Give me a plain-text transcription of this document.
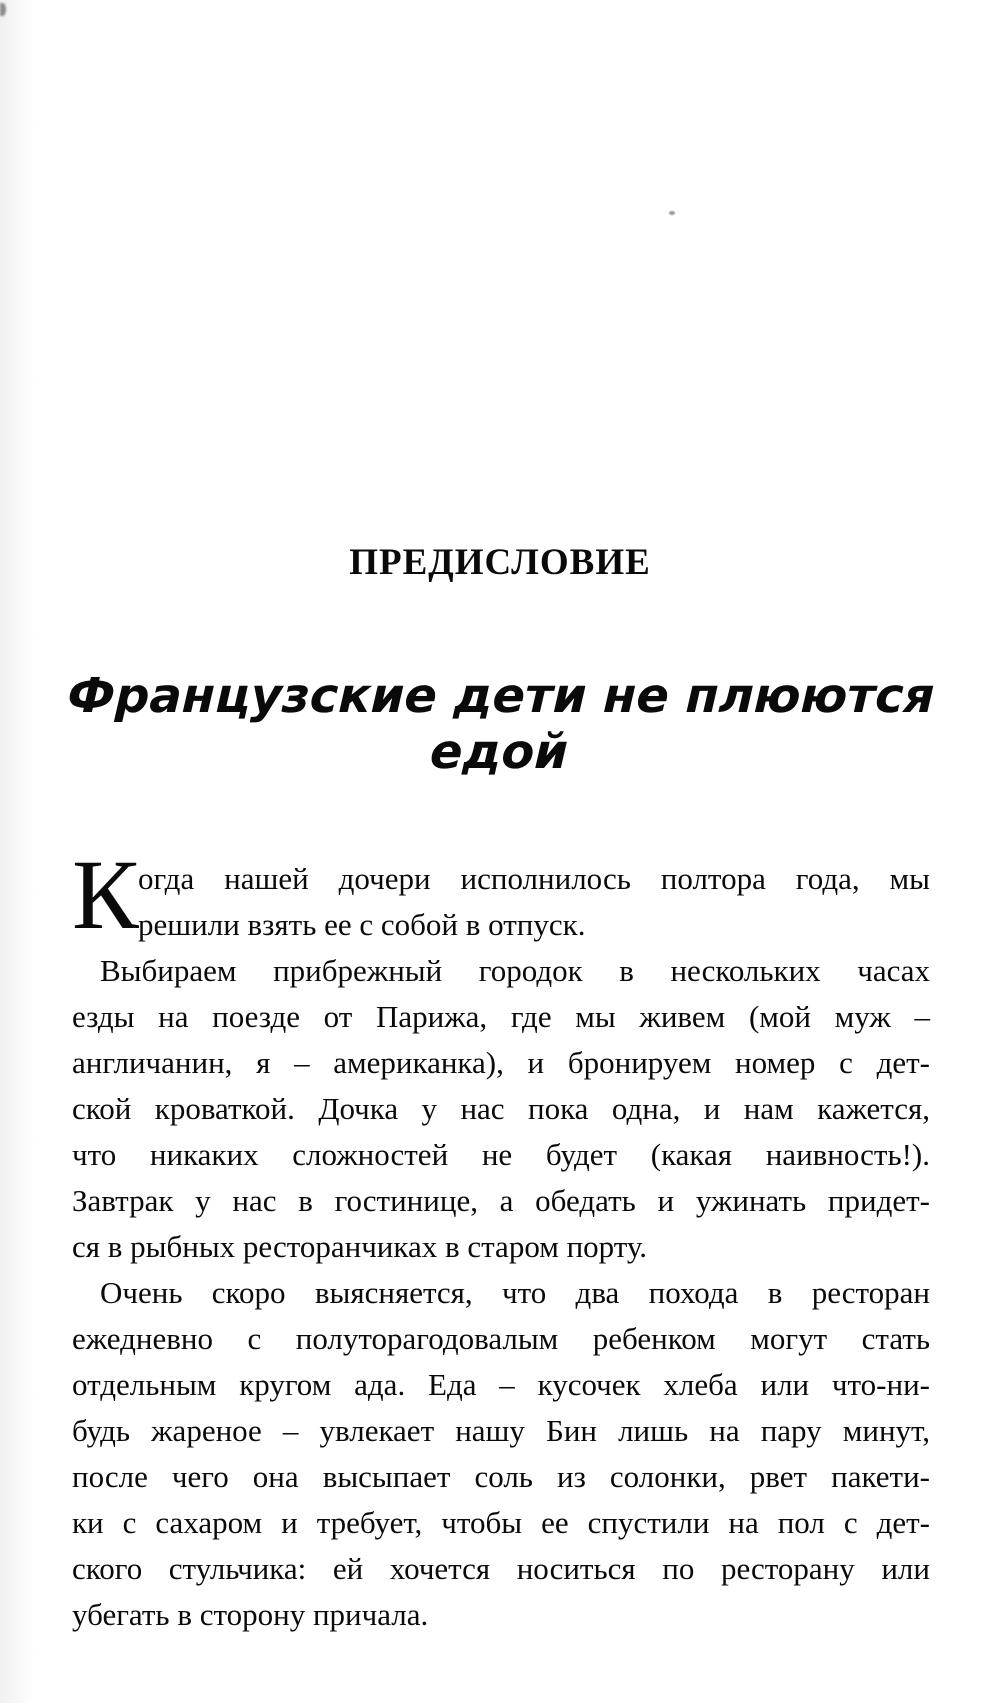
ПРЕДИСЛОВИЕ
Французские дети не плюются едой
К огда нашей дочери исполнилось полтора года, мы
решили взять ее с собой в отпуск.
Выбираем прибрежный городок в нескольких часах
езды на поезде от Парижа, где мы живем (мой муж –
англичанин, я – американка), и бронируем номер с дет-
ской кроваткой. Дочка у нас пока одна, и нам кажется,
что никаких сложностей не будет (какая наивность!).
Завтрак у нас в гостинице, а обедать и ужинать придет-
ся в рыбных ресторанчиках в старом порту.
Очень скоро выясняется, что два похода в ресторан
ежедневно с полуторагодовалым ребенком могут стать
отдельным кругом ада. Еда – кусочек хлеба или что-ни-
будь жареное – увлекает нашу Бин лишь на пару минут,
после чего она высыпает соль из солонки, рвет пакети-
ки с сахаром и требует, чтобы ее спустили на пол с дет-
ского стульчика: ей хочется носиться по ресторану или
убегать в сторону причала.
